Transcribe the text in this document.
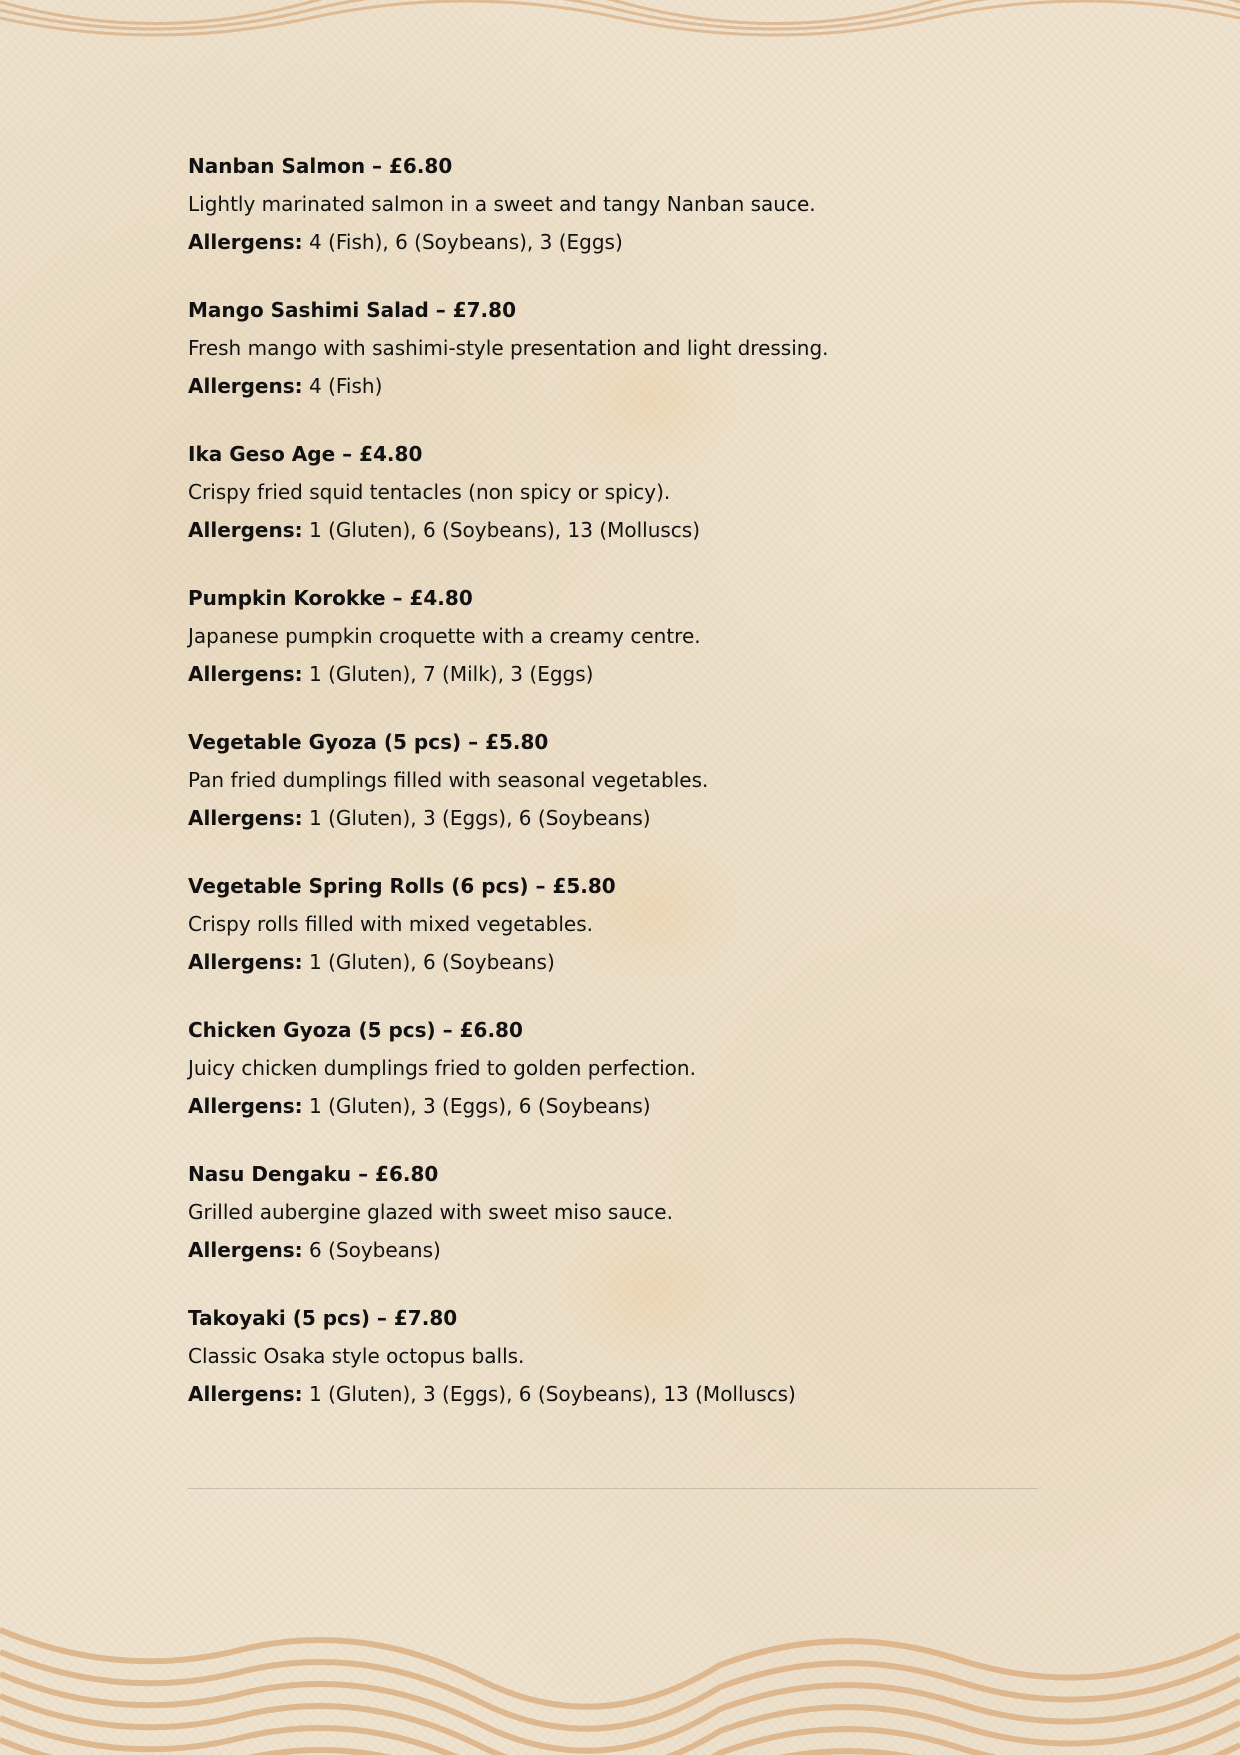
Nanban Salmon – £6.80
Lightly marinated salmon in a sweet and tangy Nanban sauce.
Allergens: 4 (Fish), 6 (Soybeans), 3 (Eggs)
Mango Sashimi Salad – £7.80
Fresh mango with sashimi-style presentation and light dressing.
Allergens: 4 (Fish)
Ika Geso Age – £4.80
Crispy fried squid tentacles (non spicy or spicy).
Allergens: 1 (Gluten), 6 (Soybeans), 13 (Molluscs)
Pumpkin Korokke – £4.80
Japanese pumpkin croquette with a creamy centre.
Allergens: 1 (Gluten), 7 (Milk), 3 (Eggs)
Vegetable Gyoza (5 pcs) – £5.80
Pan fried dumplings filled with seasonal vegetables.
Allergens: 1 (Gluten), 3 (Eggs), 6 (Soybeans)
Vegetable Spring Rolls (6 pcs) – £5.80
Crispy rolls filled with mixed vegetables.
Allergens: 1 (Gluten), 6 (Soybeans)
Chicken Gyoza (5 pcs) – £6.80
Juicy chicken dumplings fried to golden perfection.
Allergens: 1 (Gluten), 3 (Eggs), 6 (Soybeans)
Nasu Dengaku – £6.80
Grilled aubergine glazed with sweet miso sauce.
Allergens: 6 (Soybeans)
Takoyaki (5 pcs) – £7.80
Classic Osaka style octopus balls.
Allergens: 1 (Gluten), 3 (Eggs), 6 (Soybeans), 13 (Molluscs)
